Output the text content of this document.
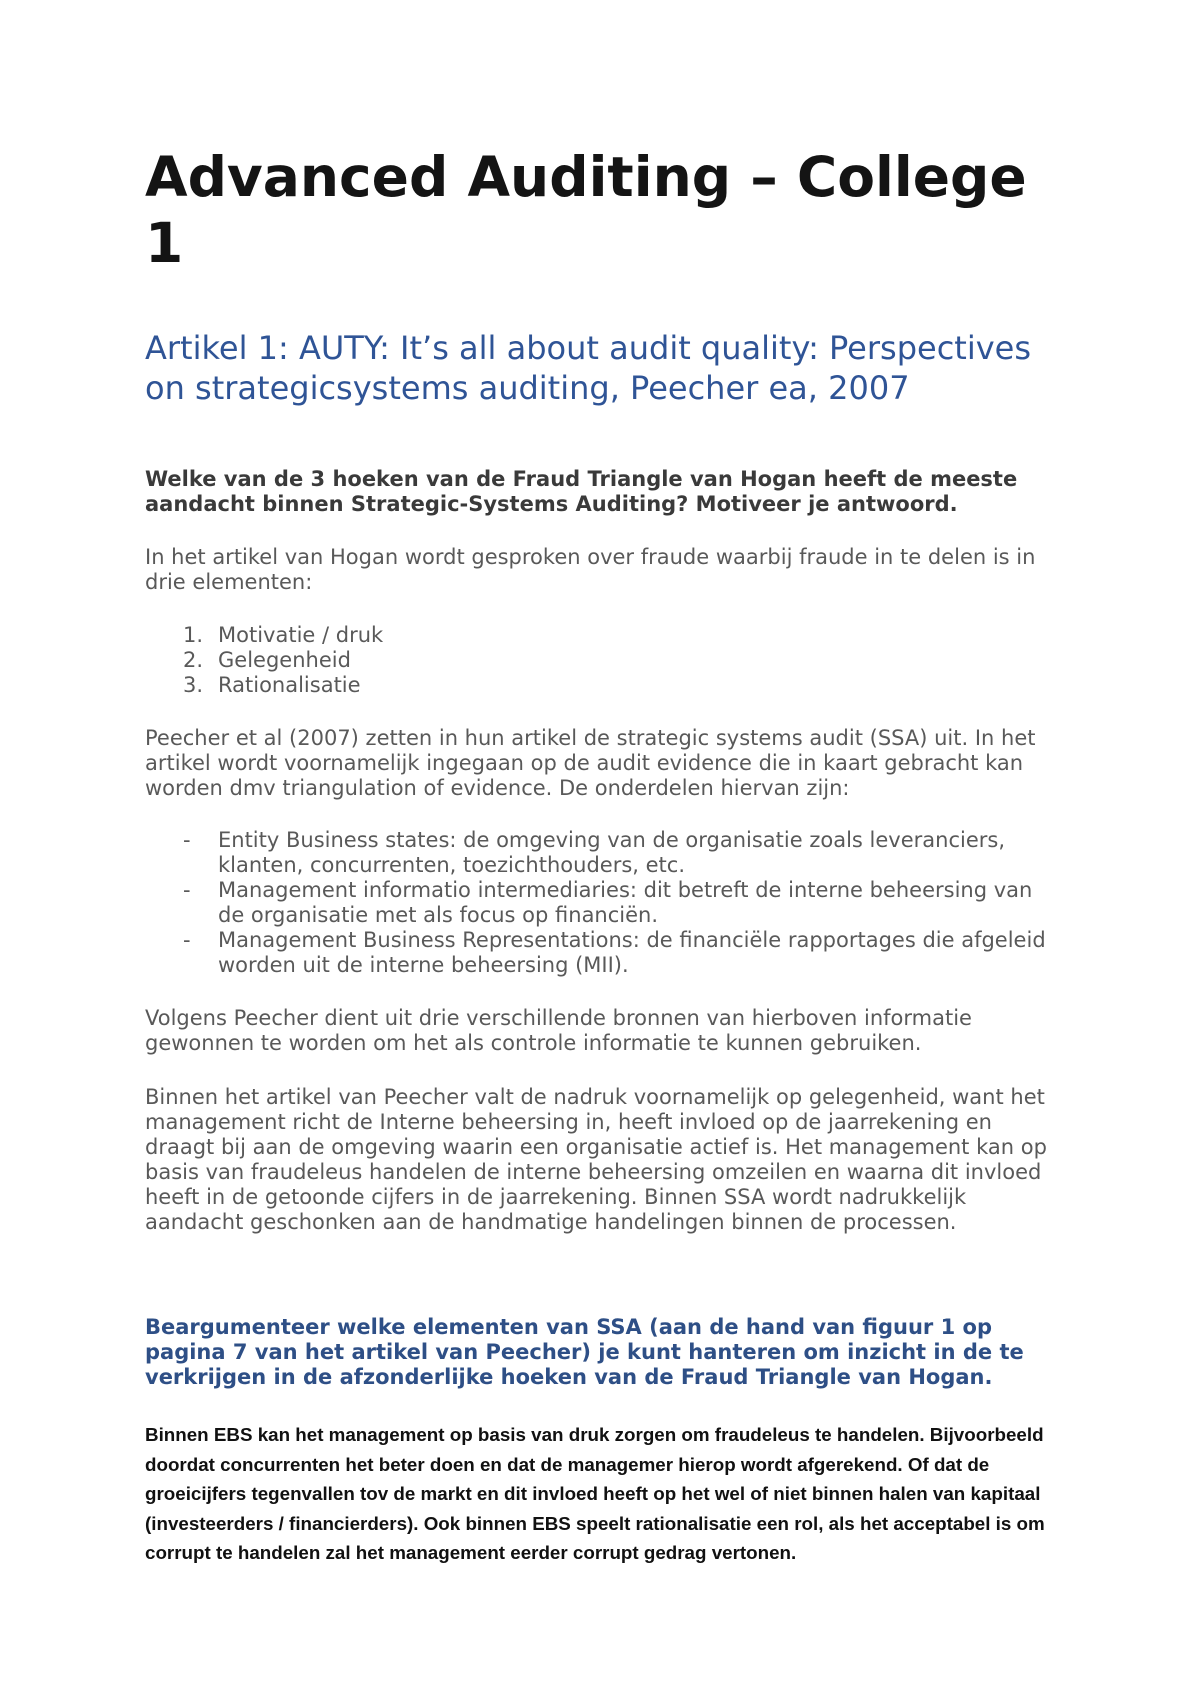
Advanced Auditing – College
1
Artikel 1: AUTY: It’s all about audit quality: Perspectives
on strategicsystems auditing, Peecher ea, 2007
Welke van de 3 hoeken van de Fraud Triangle van Hogan heeft de meeste
aandacht binnen Strategic-Systems Auditing? Motiveer je antwoord.
In het artikel van Hogan wordt gesproken over fraude waarbij fraude in te delen is in
drie elementen:
1. Motivatie / druk
2. Gelegenheid
3. Rationalisatie
Peecher et al (2007) zetten in hun artikel de strategic systems audit (SSA) uit. In het
artikel wordt voornamelijk ingegaan op de audit evidence die in kaart gebracht kan
worden dmv triangulation of evidence. De onderdelen hiervan zijn:
- Entity Business states: de omgeving van de organisatie zoals leveranciers,
klanten, concurrenten, toezichthouders, etc.
- Management informatio intermediaries: dit betreft de interne beheersing van
de organisatie met als focus op financiën.
- Management Business Representations: de financiële rapportages die afgeleid
worden uit de interne beheersing (MII).
Volgens Peecher dient uit drie verschillende bronnen van hierboven informatie
gewonnen te worden om het als controle informatie te kunnen gebruiken.
Binnen het artikel van Peecher valt de nadruk voornamelijk op gelegenheid, want het
management richt de Interne beheersing in, heeft invloed op de jaarrekening en
draagt bij aan de omgeving waarin een organisatie actief is. Het management kan op
basis van fraudeleus handelen de interne beheersing omzeilen en waarna dit invloed
heeft in de getoonde cijfers in de jaarrekening. Binnen SSA wordt nadrukkelijk
aandacht geschonken aan de handmatige handelingen binnen de processen.
Beargumenteer welke elementen van SSA (aan de hand van figuur 1 op
pagina 7 van het artikel van Peecher) je kunt hanteren om inzicht in de te
verkrijgen in de afzonderlijke hoeken van de Fraud Triangle van Hogan.
Binnen EBS kan het management op basis van druk zorgen om fraudeleus te handelen. Bijvoorbeeld
doordat concurrenten het beter doen en dat de managemer hierop wordt afgerekend. Of dat de
groeicijfers tegenvallen tov de markt en dit invloed heeft op het wel of niet binnen halen van kapitaal
(investeerders / financierders). Ook binnen EBS speelt rationalisatie een rol, als het acceptabel is om
corrupt te handelen zal het management eerder corrupt gedrag vertonen.
